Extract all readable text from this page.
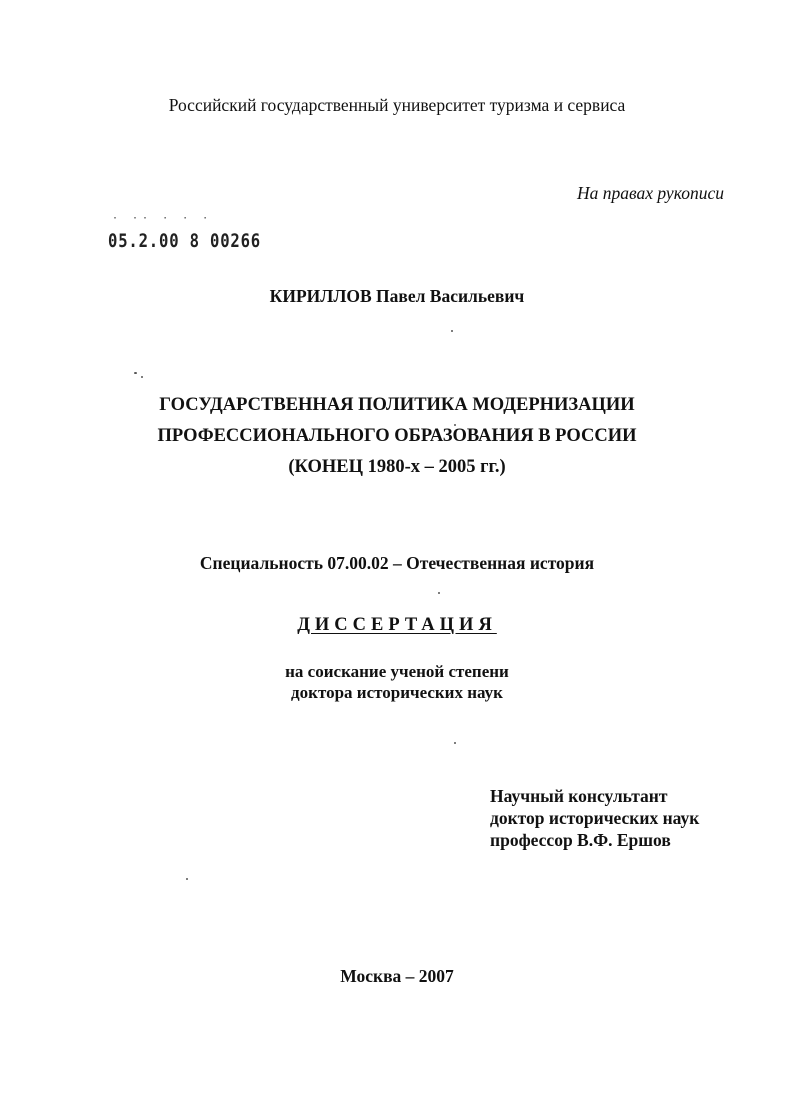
Российский государственный университет туризма и сервиса
На правах рукописи
· ·· · · ·
05.2.00 8 00266
КИРИЛЛОВ Павел Васильевич
ГОСУДАРСТВЕННАЯ ПОЛИТИКА МОДЕРНИЗАЦИИ
ПРОФЕССИОНАЛЬНОГО ОБРАЗОВАНИЯ В РОССИИ
(КОНЕЦ 1980-х – 2005 гг.)
Специальность 07.00.02 – Отечественная история
ДИССЕРТАЦИЯ
на соискание ученой степени
доктора исторических наук
Научный консультант
доктор исторических наук
профессор В.Ф. Ершов
Москва – 2007
